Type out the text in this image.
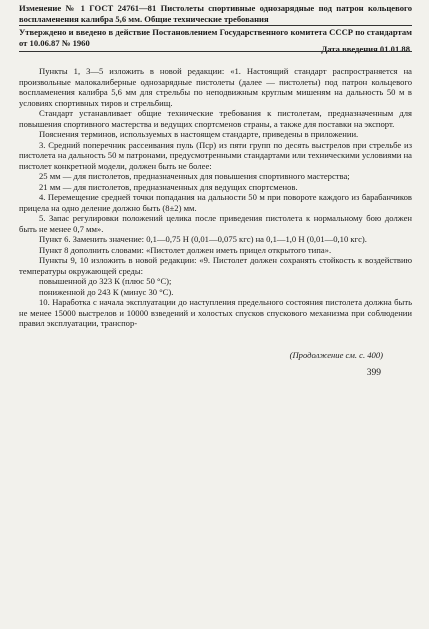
Изменение № 1 ГОСТ 24761—81 Пистолеты спортивные однозарядные под патрон кольцевого воспламенения калибра 5,6 мм. Общие технические требования
Утверждено и введено в действие Постановлением Государственного комитета СССР по стандартам от 10.06.87 № 1960
Дата введения 01.01.88

Пункты 1, 3—5 изложить в новой редакции: «1. Настоящий стандарт распространяется на произвольные малокалиберные однозарядные пистолеты (далее — пистолеты) под патрон кольцевого воспламенения калибра 5,6 мм для стрельбы по неподвижным круглым мишеням на дальность 50 м в условиях спортивных тиров и стрельбищ.

Стандарт устанавливает общие технические требования к пистолетам, предназначенным для повышения спортивного мастерства и ведущих спортсменов страны, а также для поставки на экспорт.

Пояснения терминов, используемых в настоящем стандарте, приведены в приложении.

3. Средний поперечник рассеивания пуль (Пср) из пяти групп по десять выстрелов при стрельбе из пистолета на дальность 50 м патронами, предусмотренными стандартами или техническими условиями на пистолет конкретной модели, должен быть не более:

25 мм — для пистолетов, предназначенных для повышения спортивного мастерства;

21 мм — для пистолетов, предназначенных для ведущих спортсменов.

4. Перемещение средней точки попадания на дальности 50 м при повороте каждого из барабанчиков прицела на одно деление должно быть (8±2) мм.

5. Запас регулировки положений целика после приведения пистолета к нормальному бою должен быть не менее 0,7 мм».

Пункт 6. Заменить значение: 0,1—0,75 Н (0,01—0,075 кгс) на 0,1—1,0 Н (0,01—0,10 кгс).

Пункт 8 дополнить словами: «Пистолет должен иметь прицел открытого типа».

Пункты 9, 10 изложить в новой редакции: «9. Пистолет должен сохранять стойкость к воздействию температуры окружающей среды:

повышенной до 323 К (плюс 50 °С);

пониженной до 243 К (минус 30 °С).

10. Наработка с начала эксплуатации до наступления предельного состояния пистолета должна быть не менее 15000 выстрелов и 10000 взведений и холостых спусков спускового механизма при соблюдении правил эксплуатации, транспор-

(Продолжение см. с. 400)
399
